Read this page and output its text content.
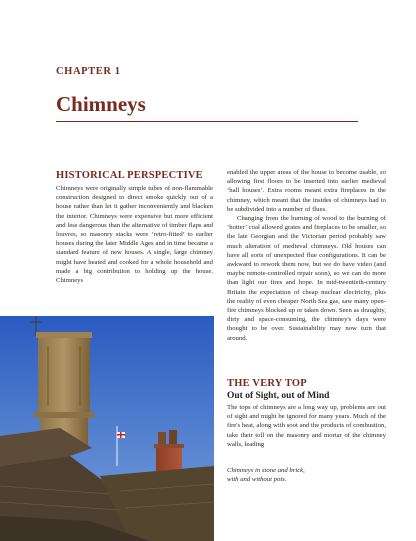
CHAPTER 1
Chimneys
HISTORICAL PERSPECTIVE

Chimneys were originally simple tubes of non-flammable construction designed to direct smoke quickly out of a house rather than let it gather inconveniently and blacken the interior. Chimneys were expensive but more efficient and less dangerous than the alternative of timber flaps and louvres, so masonry stacks were ‘retro-fitted’ to earlier houses during the later Middle Ages and in time became a standard feature of new houses. A single, large chimney might have heated and cooked for a whole household and made a big contribution to holding up the house. Chimneys

enabled the upper areas of the house to become usable, so allowing first floors to be inserted into earlier medieval ‘hall houses’. Extra rooms meant extra fireplaces in the chimney, which meant that the insides of chimneys had to be subdivided into a number of flues.

Changing from the burning of wood to the burning of ‘hotter’ coal allowed grates and fireplaces to be smaller, so the late Georgian and the Victorian period probably saw much alteration of medieval chimneys. Old houses can have all sorts of unexpected flue configurations. It can be awkward to rework them now, but we do have video (and maybe remote-controlled repair soon), so we can do more than light our fires and hope. In mid-twentieth-century Britain the expectation of cheap nuclear electricity, plus the reality of even cheaper North Sea gas, saw many open-fire chimneys blocked up or taken down. Seen as draughty, dirty and space-consuming, the chimney's days were thought to be over. Sustainability may now turn that around.

THE VERY TOP
Out of Sight, out of Mind

The tops of chimneys are a long way up, problems are out of sight and might be ignored for many years. Much of the fire's heat, along with soot and the products of combustion, take their toll on the masonry and mortar of the chimney walls, leading

Chimneys in stone and brick,
with and without pots.
